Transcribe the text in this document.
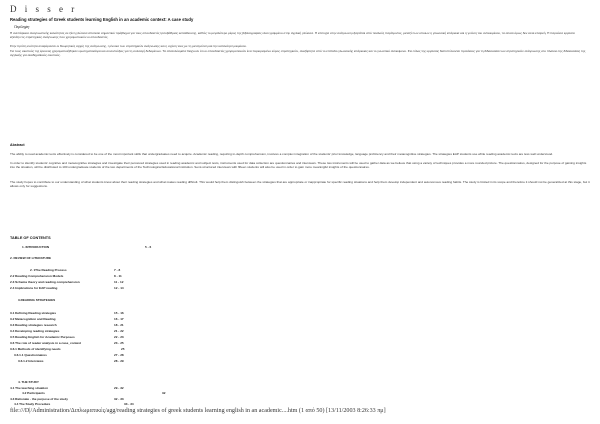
D i s s e r
Reading strategies of Greek students learning English in an academic context: A case study
Περίληψη
Η ανεπάρκεια αναγνωστικής ικανότητας σε ξένη γλώσσα αποτελεί σημαντικό πρόβλημα για τους σπουδαστές τριτοβάθμιας εκπαίδευσης, καθώς το μεγαλύτερο μέρος της βιβλιογραφίας είναι γραμμένο στην αγγλική γλώσσα. Η επιτυχία στην ανάγνωση εξαρτάται από πολλούς παράγοντες, μεταξύ των οποίων η γλωσσική επάρκεια και η γνώση του αντικειμένου, τα οποία όμως δεν είναι επαρκή. Η παρούσα εργασία εξετάζει τις στρατηγικές ανάγνωσης που χρησιμοποιούν οι σπουδαστές.
Στην πρώτη ενότητα αναφέρονται οι θεωρητικές αρχές της ανάγνωσης, η έννοια των στρατηγικών ανάγνωσης και η σχέση τους με τη μεταγνώση και την κατανόηση κειμένου.
Για τους σκοπούς της έρευνας χρησιμοποιήθηκαν ερωτηματολόγια και συνεντεύξεις για τη συλλογή δεδομένων. Τα αποτελέσματα δείχνουν ότι οι σπουδαστές χρησιμοποιούν ένα περιορισμένο εύρος στρατηγικών, ανεξάρτητα από το επίπεδο γλωσσικής επάρκειας και το γνωστικό αντικείμενο. Στο τέλος της εργασίας διατυπώνονται προτάσεις για τη διδασκαλία των στρατηγικών ανάγνωσης στο πλαίσιο της διδασκαλίας της αγγλικής για ακαδημαϊκούς σκοπούς.
Abstract
The ability to read academic texts effectively is considered to be one of the most important skills that undergraduates need to acquire. Academic reading, requiring in-depth comprehension, involves a complex integration of the students' prior knowledge, language proficiency and their metacognitive strategies. The strategies EAP students use while reading academic texts are less well understood.
In order to identify students' cognitive and metacognitive strategies and investigate their perceived strategies used in reading academic and subject texts, instruments used for data collection are questionnaires and interviews. These two instruments will be used to gather data as we believe that using a variety of techniques provides a more rounded picture. The questionnaires, designed for the purpose of gaining insights into the situation, will be distributed to 100 undergraduate students of the two departments of the Technological Educational Institution. Semi-structured interviews with fifteen students will also be used in order to gain more meaningful insights of the questionnaires.
The study hopes to contribute to our understanding of what students know about their reading strategies and what makes reading difficult. This would help them distinguish between the strategies that are appropriate or inappropriate for specific reading situations and help them develop independent and autonomous reading habits. The study is limited in its scope and therefore it should not be generalized at this stage, but it allows only for suggestions.
TABLE OF CONTENTS
1. INTRODUCTION	5 - 6
2. REVIEW OF LITERATURE
2. 1The Reading Process	7 - 8
2.2 Reading Comprehension Models	8 - 11
2.3 Schema theory and reading comprehension	11 - 12
2.4 Implications for EAP reading	12 - 14
3.READING STRATEGIES
3.1 Defining Reading strategies	15 - 16
3.2 Metacognition and Reading	16 - 17
3.3 Reading strategies research	18 - 21
3.4 Developing reading strategies	21 - 22
3.5 Reading English for Academic Purposes	22 - 23
3.6 The role of reader analysis in a case_context	23 - 25
3.6.1 Methods of identifying needs	25
3.6.1.1 Questionnaires	27 - 28
3.6.1.2 Interviews	28 - 29
4. THE STUDY
4.1 The teaching situation	29 - 32
4.2 Participants	32
4.3 Rationale - the purpose of the study	32 - 33
4.4 The Study Procedure	33 - 34
file:///D|/Administration/Διπλωματικές/agg/reading strategies of greek students learning english in an academic....htm (1 από 50) [13/11/2003 8:26:33 πμ]
